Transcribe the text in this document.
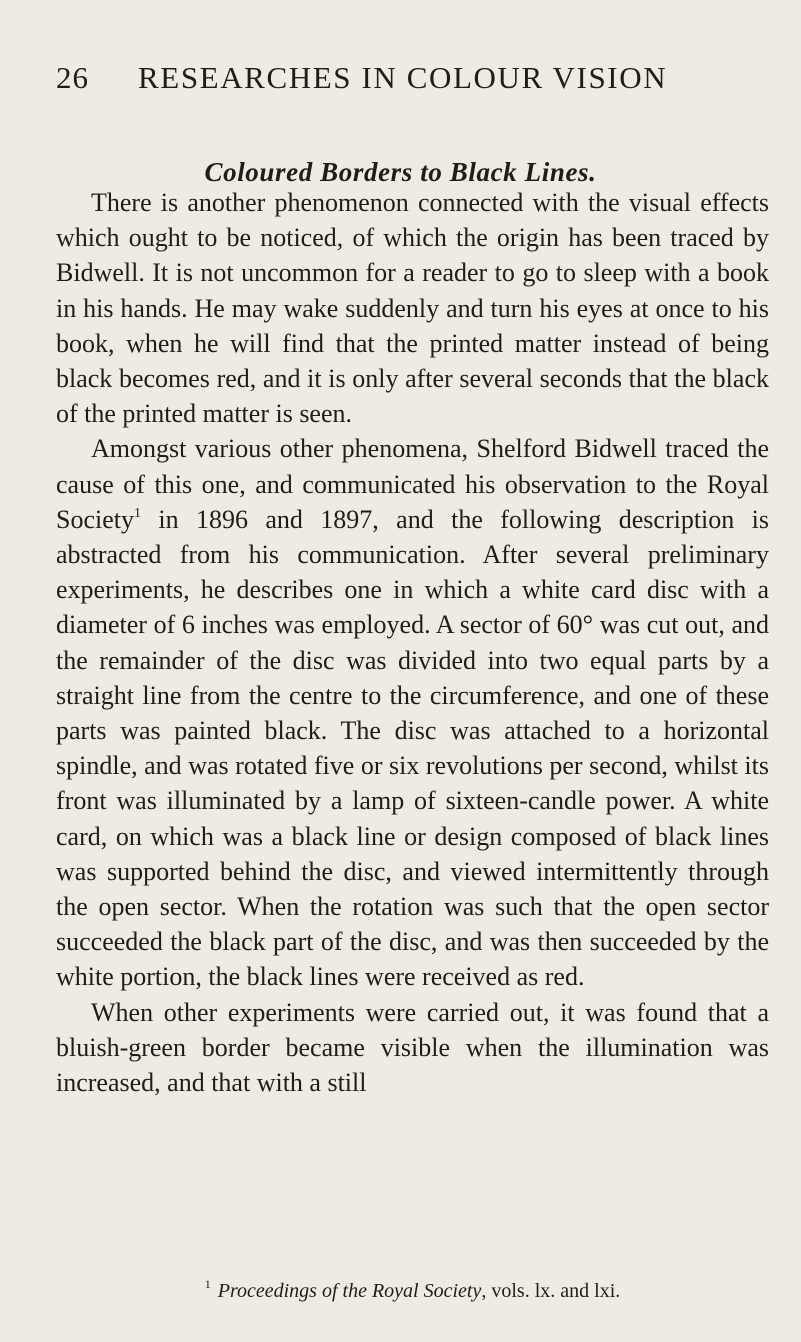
26 RESEARCHES IN COLOUR VISION
Coloured Borders to Black Lines.

There is another phenomenon connected with the visual effects which ought to be noticed, of which the origin has been traced by Bidwell. It is not uncommon for a reader to go to sleep with a book in his hands. He may wake suddenly and turn his eyes at once to his book, when he will find that the printed matter instead of being black becomes red, and it is only after several seconds that the black of the printed matter is seen.

Amongst various other phenomena, Shelford Bidwell traced the cause of this one, and communicated his observation to the Royal Society$^1$ in 1896 and 1897, and the following description is abstracted from his communication. After several preliminary experiments, he describes one in which a white card disc with a diameter of 6 inches was employed. A sector of 60° was cut out, and the remainder of the disc was divided into two equal parts by a straight line from the centre to the circumference, and one of these parts was painted black. The disc was attached to a horizontal spindle, and was rotated five or six revolutions per second, whilst its front was illuminated by a lamp of sixteen-candle power. A white card, on which was a black line or design composed of black lines was supported behind the disc, and viewed intermittently through the open sector. When the rotation was such that the open sector succeeded the black part of the disc, and was then succeeded by the white portion, the black lines were received as red.

When other experiments were carried out, it was found that a bluish-green border became visible when the illumination was increased, and that with a still

$^1$ Proceedings of the Royal Society, vols. lx. and lxi.
